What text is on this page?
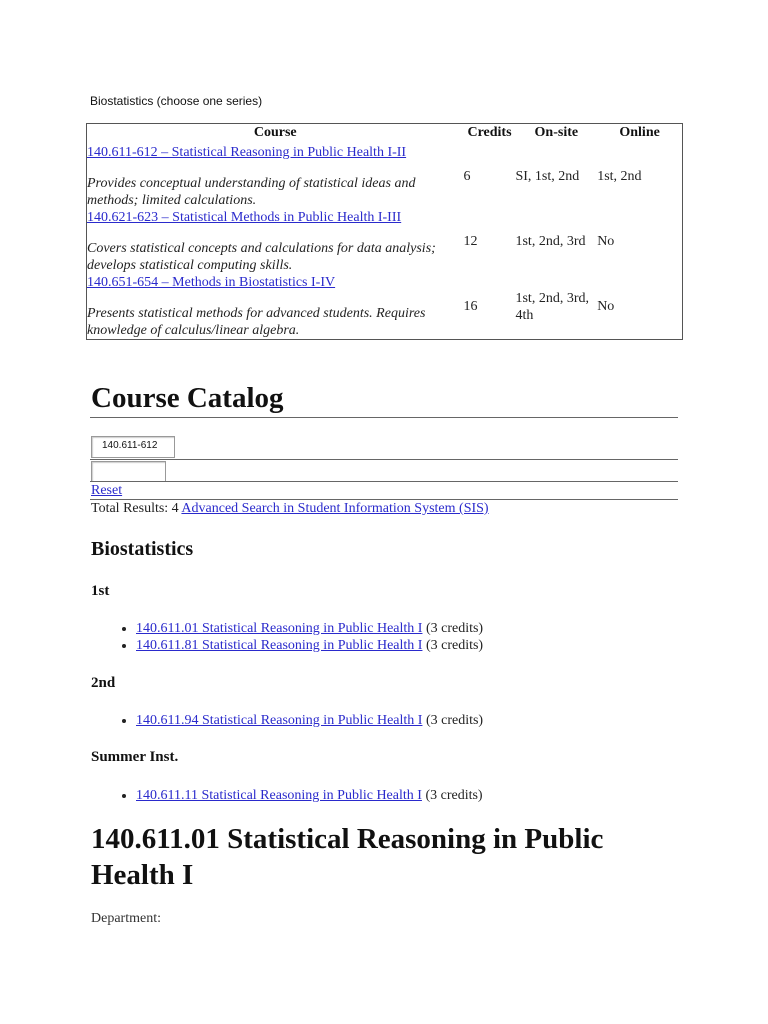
Biostatistics (choose one series)
Course	Credits	On-site	Online

140.611-612 – Statistical Reasoning in Public Health I-II
Provides conceptual understanding of statistical ideas and methods; limited calculations.	6	SI, 1st, 2nd	1st, 2nd

140.621-623 – Statistical Methods in Public Health I-III
Covers statistical concepts and calculations for data analysis; develops statistical computing skills.	12	1st, 2nd, 3rd	No

140.651-654 – Methods in Biostatistics I-IV
Presents statistical methods for advanced students. Requires knowledge of calculus/linear algebra.	16	1st, 2nd, 3rd, 4th	No
Course Catalog
140.611-612
Reset
Total Results: 4 Advanced Search in Student Information System (SIS)
Biostatistics
1st
• 140.611.01 Statistical Reasoning in Public Health I (3 credits)
• 140.611.81 Statistical Reasoning in Public Health I (3 credits)
2nd
• 140.611.94 Statistical Reasoning in Public Health I (3 credits)
Summer Inst.
• 140.611.11 Statistical Reasoning in Public Health I (3 credits)
140.611.01 Statistical Reasoning in Public Health I
Department:
